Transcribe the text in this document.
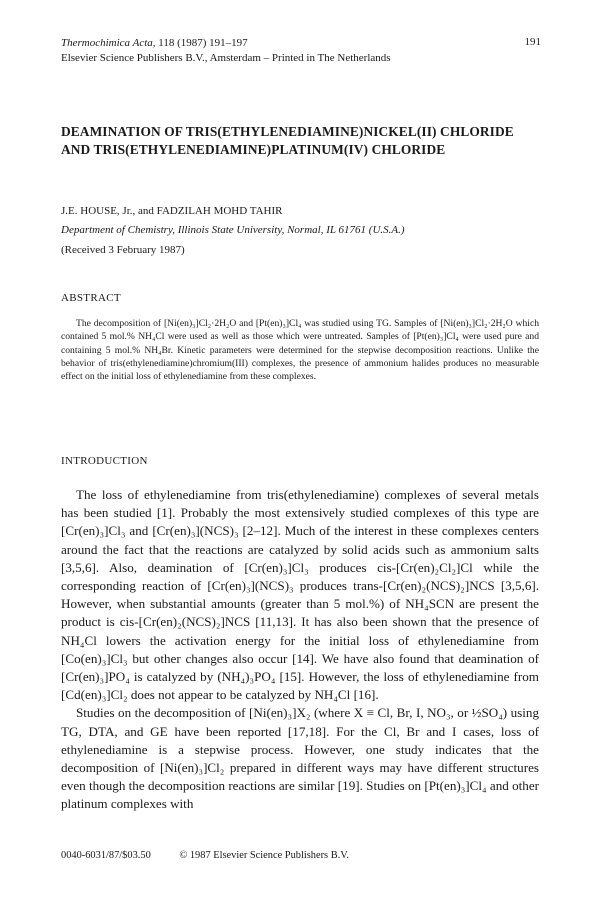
Thermochimica Acta, 118 (1987) 191–197
Elsevier Science Publishers B.V., Amsterdam – Printed in The Netherlands
191
DEAMINATION OF TRIS(ETHYLENEDIAMINE)NICKEL(II) CHLORIDE AND TRIS(ETHYLENEDIAMINE)PLATINUM(IV) CHLORIDE
J.E. HOUSE, Jr., and FADZILAH MOHD TAHIR
Department of Chemistry, Illinois State University, Normal, IL 61761 (U.S.A.)
(Received 3 February 1987)
ABSTRACT
The decomposition of [Ni(en)₃]Cl₂·2H₂O and [Pt(en)₃]Cl₄ was studied using TG. Samples of [Ni(en)₃]Cl₂·2H₂O which contained 5 mol.% NH₄Cl were used as well as those which were untreated. Samples of [Pt(en)₃]Cl₄ were used pure and containing 5 mol.% NH₄Br. Kinetic parameters were determined for the stepwise decomposition reactions. Unlike the behavior of tris(ethylenediamine)chromium(III) complexes, the presence of ammonium halides produces no measurable effect on the initial loss of ethylenediamine from these complexes.
INTRODUCTION

The loss of ethylenediamine from tris(ethylenediamine) complexes of several metals has been studied [1]. Probably the most extensively studied complexes of this type are [Cr(en)₃]Cl₃ and [Cr(en)₃](NCS)₃ [2–12]. Much of the interest in these complexes centers around the fact that the reactions are catalyzed by solid acids such as ammonium salts [3,5,6]. Also, deamination of [Cr(en)₃]Cl₃ produces cis-[Cr(en)₂Cl₂]Cl while the corresponding reaction of [Cr(en)₃](NCS)₃ produces trans-[Cr(en)₂(NCS)₂]NCS [3,5,6]. However, when substantial amounts (greater than 5 mol.%) of NH₄SCN are present the product is cis-[Cr(en)₂(NCS)₂]NCS [11,13]. It has also been shown that the presence of NH₄Cl lowers the activation energy for the initial loss of ethylenediamine from [Co(en)₃]Cl₃ but other changes also occur [14]. We have also found that deamination of [Cr(en)₃]PO₄ is catalyzed by (NH₄)₃PO₄ [15]. However, the loss of ethylenediamine from [Cd(en)₃]Cl₂ does not appear to be catalyzed by NH₄Cl [16].

Studies on the decomposition of [Ni(en)₃]X₂ (where X ≡ Cl, Br, I, NO₃, or ½SO₄) using TG, DTA, and GE have been reported [17,18]. For the Cl, Br and I cases, loss of ethylenediamine is a stepwise process. However, one study indicates that the decomposition of [Ni(en)₃]Cl₂ prepared in different ways may have different structures even though the decomposition reactions are similar [19]. Studies on [Pt(en)₃]Cl₄ and other platinum complexes with

0040-6031/87/$03.50	© 1987 Elsevier Science Publishers B.V.
